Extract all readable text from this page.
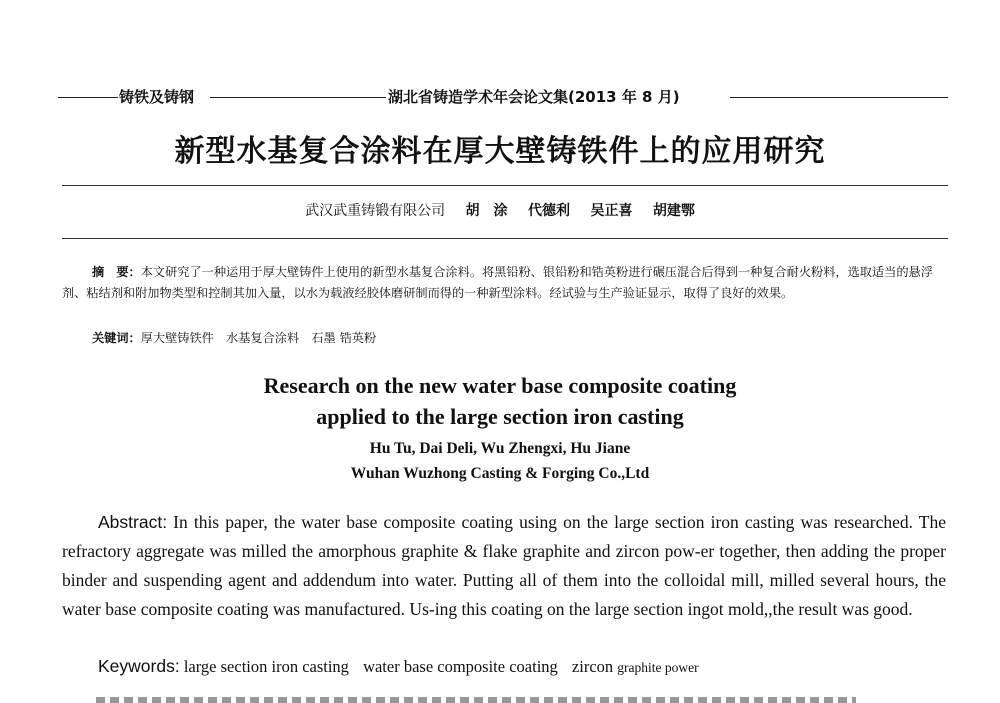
铸铁及铸钢	湖北省铸造学术年会论文集(2013 年 8 月)
新型水基复合涂料在厚大壁铸铁件上的应用研究
武汉武重铸锻有限公司 胡　涂 代德利 吴正喜 胡建鄂
摘　要：本文研究了一种运用于厚大壁铸件上使用的新型水基复合涂料。将黑铅粉、银铅粉和锆英粉进行碾压混合后得到一种复合耐火粉料，选取适当的悬浮剂、粘结剂和附加物类型和控制其加入量，以水为载液经胶体磨研制而得的一种新型涂料。经试验与生产验证显示，取得了良好的效果。
关键词：厚大壁铸铁件　水基复合涂料　石墨 锆英粉
Research on the new water base composite coating
applied to the large section iron casting
Hu Tu, Dai Deli, Wu Zhengxi, Hu Jiane
Wuhan Wuzhong Casting & Forging Co.,Ltd
Abstract: In this paper, the water base composite coating using on the large section iron casting was researched. The refractory aggregate was milled the amorphous graphite & flake graphite and zircon pow-er together, then adding the proper binder and suspending agent and addendum into water. Putting all of them into the colloidal mill, milled several hours, the water base composite coating was manufactured. Us-ing this coating on the large section ingot mold,,the result was good.
Keywords: large section iron casting water base composite coating zircon graphite power
